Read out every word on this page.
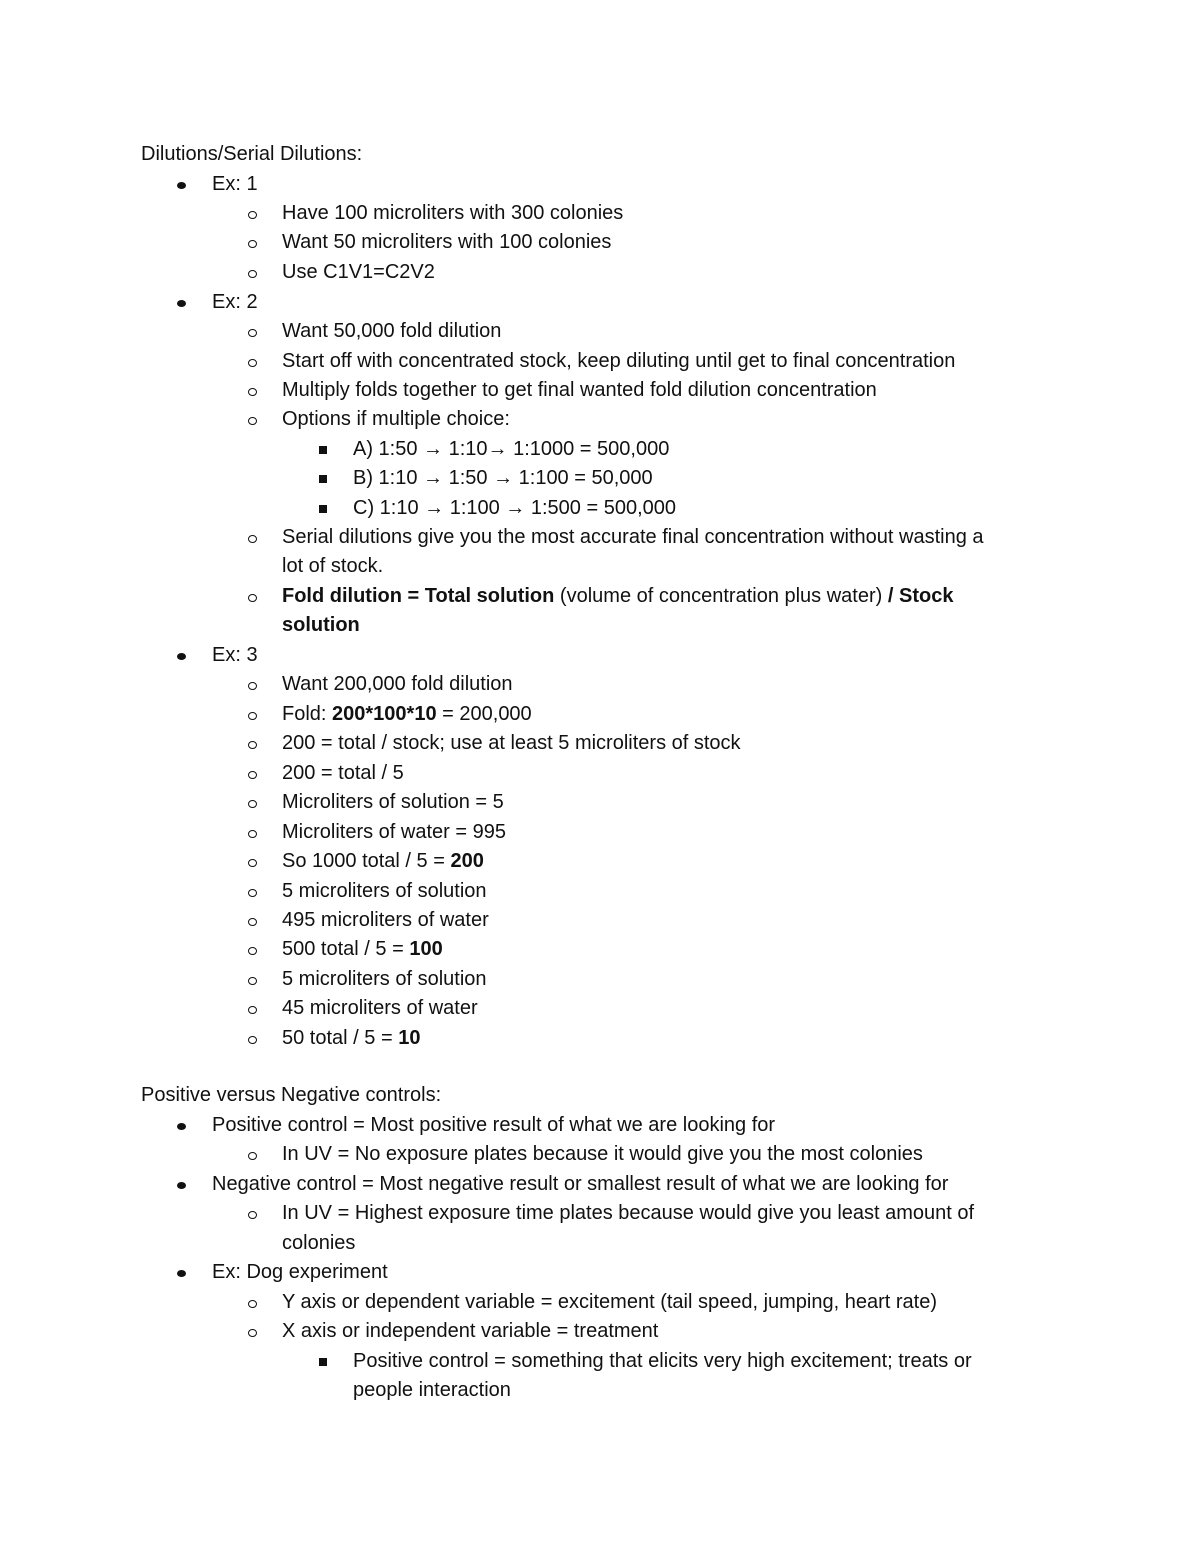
Dilutions/Serial Dilutions:
Ex: 1
Have 100 microliters with 300 colonies
Want 50 microliters with 100 colonies
Use C1V1=C2V2
Ex: 2
Want 50,000 fold dilution
Start off with concentrated stock, keep diluting until get to final concentration
Multiply folds together to get final wanted fold dilution concentration
Options if multiple choice:
A) 1:50 → 1:10→ 1:1000 = 500,000
B) 1:10 → 1:50 → 1:100 = 50,000
C) 1:10 → 1:100 → 1:500 = 500,000
Serial dilutions give you the most accurate final concentration without wasting a
lot of stock.
Fold dilution = Total solution (volume of concentration plus water) / Stock
solution
Ex: 3
Want 200,000 fold dilution
Fold: 200*100*10 = 200,000
200 = total / stock; use at least 5 microliters of stock
200 = total / 5
Microliters of solution = 5
Microliters of water = 995
So 1000 total / 5 = 200
5 microliters of solution
495 microliters of water
500 total / 5 = 100
5 microliters of solution
45 microliters of water
50 total / 5 = 10
Positive versus Negative controls:
Positive control = Most positive result of what we are looking for
In UV = No exposure plates because it would give you the most colonies
Negative control = Most negative result or smallest result of what we are looking for
In UV = Highest exposure time plates because would give you least amount of
colonies
Ex: Dog experiment
Y axis or dependent variable = excitement (tail speed, jumping, heart rate)
X axis or independent variable = treatment
Positive control = something that elicits very high excitement; treats or
people interaction
